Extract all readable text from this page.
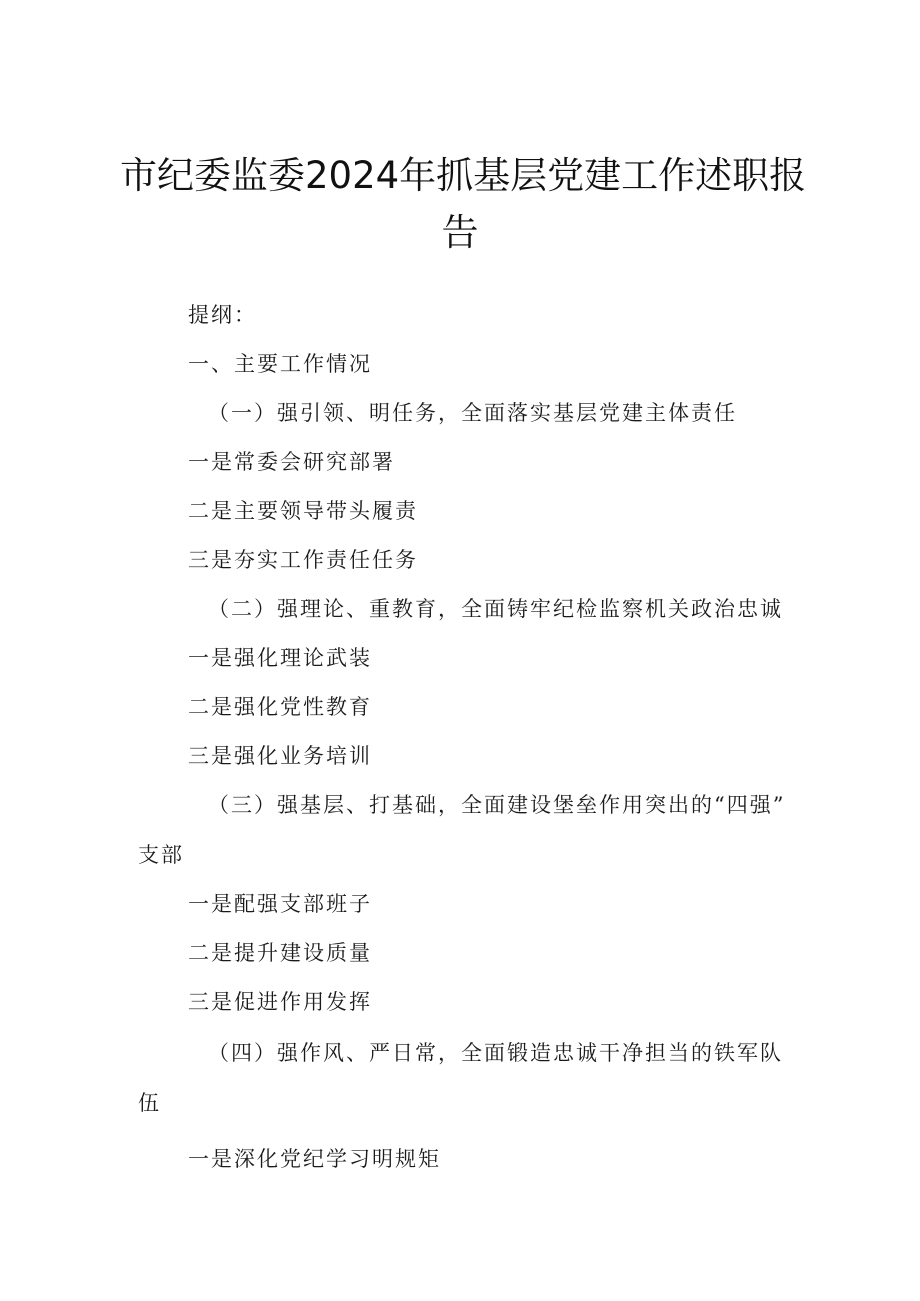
市纪委监委2024年抓基层党建工作述职报
告
提纲：
一、主要工作情况
（一）强引领、明任务，全面落实基层党建主体责任
一是常委会研究部署
二是主要领导带头履责
三是夯实工作责任任务
（二）强理论、重教育，全面铸牢纪检监察机关政治忠诚
一是强化理论武装
二是强化党性教育
三是强化业务培训
（三）强基层、打基础，全面建设堡垒作用突出的“四强”
支部
一是配强支部班子
二是提升建设质量
三是促进作用发挥
（四）强作风、严日常，全面锻造忠诚干净担当的铁军队
伍
一是深化党纪学习明规矩
